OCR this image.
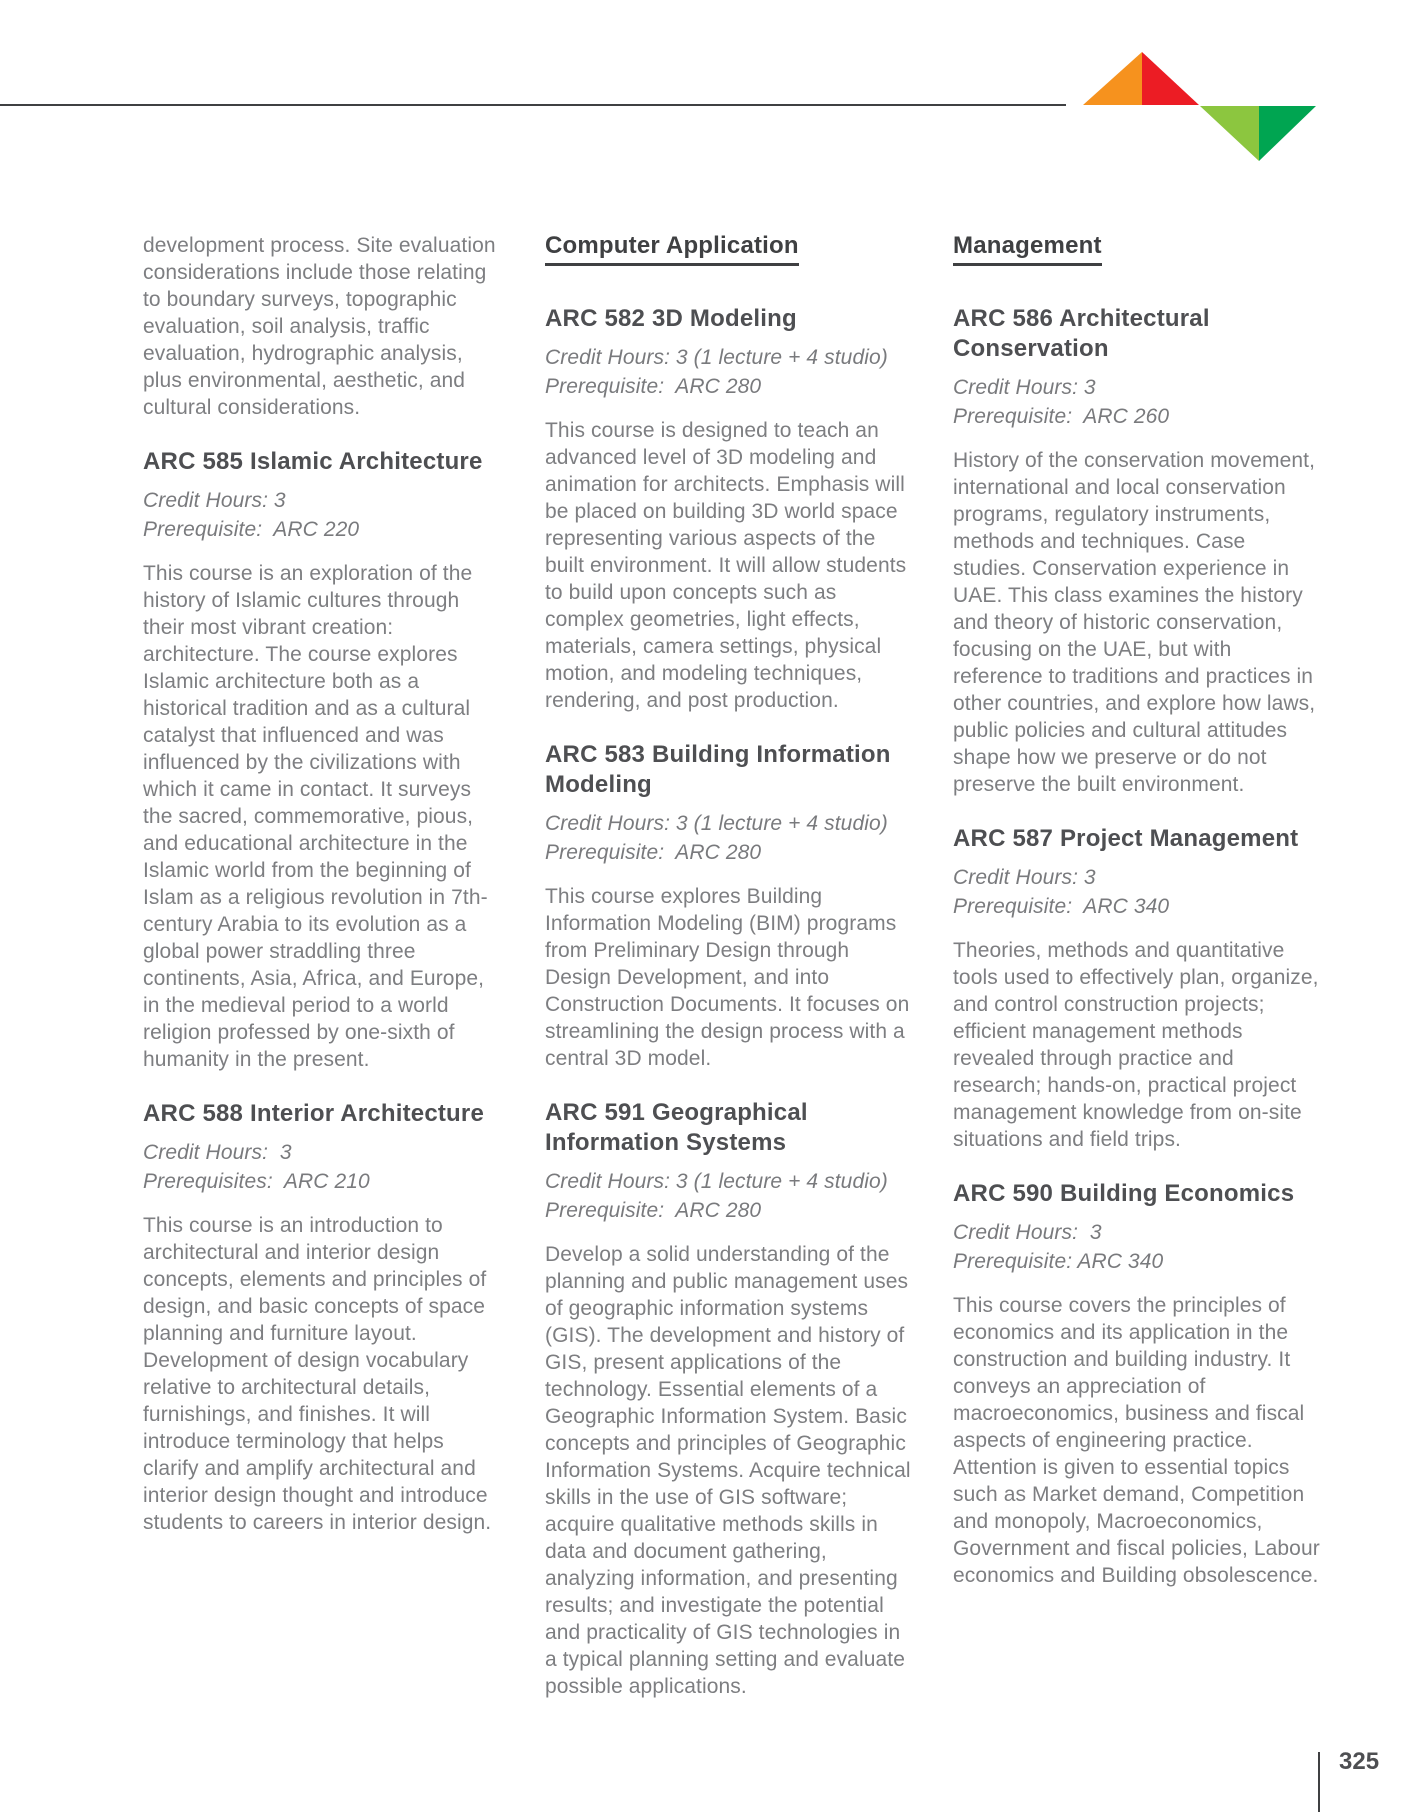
development process. Site evaluation considerations include those relating to boundary surveys, topographic evaluation, soil analysis, traffic evaluation, hydrographic analysis, plus environmental, aesthetic, and cultural considerations.

ARC 585 Islamic Architecture
Credit Hours: 3
Prerequisite:  ARC 220

This course is an exploration of the history of Islamic cultures through their most vibrant creation: architecture. The course explores Islamic architecture both as a historical tradition and as a cultural catalyst that influenced and was influenced by the civilizations with which it came in contact. It surveys the sacred, commemorative, pious, and educational architecture in the Islamic world from the beginning of Islam as a religious revolution in 7th-century Arabia to its evolution as a global power straddling three continents, Asia, Africa, and Europe, in the medieval period to a world religion professed by one-sixth of humanity in the present.

ARC 588 Interior Architecture
Credit Hours:  3
Prerequisites:  ARC 210

This course is an introduction to architectural and interior design concepts, elements and principles of design, and basic concepts of space planning and furniture layout. Development of design vocabulary relative to architectural details, furnishings, and finishes. It will introduce terminology that helps clarify and amplify architectural and interior design thought and introduce students to careers in interior design.

Computer Application
ARC 582 3D Modeling
Credit Hours: 3 (1 lecture + 4 studio)
Prerequisite:  ARC 280

This course is designed to teach an advanced level of 3D modeling and animation for architects. Emphasis will be placed on building 3D world space representing various aspects of the built environment. It will allow students to build upon concepts such as complex geometries, light effects, materials, camera settings, physical motion, and modeling techniques, rendering, and post production.

ARC 583 Building Information Modeling
Credit Hours: 3 (1 lecture + 4 studio)
Prerequisite:  ARC 280

This course explores Building Information Modeling (BIM) programs from Preliminary Design through Design Development, and into Construction Documents. It focuses on streamlining the design process with a central 3D model.

ARC 591 Geographical Information Systems
Credit Hours: 3 (1 lecture + 4 studio)
Prerequisite:  ARC 280

Develop a solid understanding of the planning and public management uses of geographic information systems (GIS). The development and history of GIS, present applications of the technology. Essential elements of a Geographic Information System. Basic concepts and principles of Geographic Information Systems. Acquire technical skills in the use of GIS software; acquire qualitative methods skills in data and document gathering, analyzing information, and presenting results; and investigate the potential and practicality of GIS technologies in a typical planning setting and evaluate possible applications.

Management
ARC 586 Architectural Conservation
Credit Hours: 3
Prerequisite:  ARC 260

History of the conservation movement, international and local conservation programs, regulatory instruments, methods and techniques. Case studies. Conservation experience in UAE. This class examines the history and theory of historic conservation, focusing on the UAE, but with reference to traditions and practices in other countries, and explore how laws, public policies and cultural attitudes shape how we preserve or do not preserve the built environment.

ARC 587 Project Management
Credit Hours: 3
Prerequisite:  ARC 340

Theories, methods and quantitative tools used to effectively plan, organize, and control construction projects; efficient management methods revealed through practice and research; hands-on, practical project management knowledge from on-site situations and field trips.

ARC 590 Building Economics
Credit Hours:  3
Prerequisite: ARC 340

This course covers the principles of economics and its application in the construction and building industry. It conveys an appreciation of macroeconomics, business and fiscal aspects of engineering practice. Attention is given to essential topics such as Market demand, Competition and monopoly, Macroeconomics, Government and fiscal policies, Labour economics and Building obsolescence.

325
